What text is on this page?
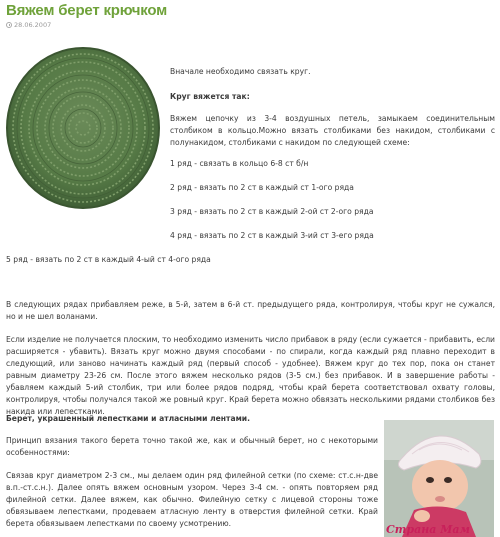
Вяжем берет крючком
28.06.2007

Вначале необходимо связать круг.

Круг вяжется так:

Вяжем цепочку из 3-4 воздушных петель, замыкаем соединительным столбиком в кольцо.Можно вязать столбиками без накидом, столбиками с полунакидом, столбиками с накидом по следующей схеме:

1 ряд - связать в кольцо 6-8 ст б/н

2 ряд - вязать по 2 ст в каждый ст 1-ого ряда

3 ряд - вязать по 2 ст в каждый 2-ой ст 2-ого ряда

4 ряд - вязать по 2 ст в каждый 3-ий ст 3-его ряда

5 ряд - вязать по 2 ст в каждый 4-ый ст 4-ого ряда

В следующих рядах прибавляем реже, в 5-й, затем в 6-й ст. предыдущего ряда, контролируя, чтобы круг не сужался, но и не шел воланами.

Если изделие не получается плоским, то необходимо изменить число прибавок в ряду (если сужается - прибавить, если расширяется - убавить). Вязать круг можно двумя способами - по спирали, когда каждый ряд плавно переходит в следующий, или заново начинать каждый ряд (первый способ - удобнее). Вяжем круг до тех пор, пока он станет равным диаметру 23-26 см. После этого вяжем несколько рядов (3-5 см.) без прибавок. И в завершение работы - убавляем каждый 5-ий столбик, три или более рядов подряд, чтобы край берета соответствовал охвату головы, контролируя, чтобы получался такой же ровный круг. Край берета можно обвязать несколькими рядами столбиков без накида или лепестками.

Берет, украшенный лепестками и атласными лентами.

Принцип вязания такого берета точно такой же, как и обычный берет, но с некоторыми особенностями:

Связав круг диаметром 2-3 см., мы делаем один ряд филейной сетки (по схеме: ст.с.н-две в.п.-ст.с.н.). Далее опять вяжем основным узором. Через 3-4 см. - опять повторяем ряд филейной сетки. Далее вяжем, как обычно. Филейную сетку с лицевой стороны тоже обвязываем лепестками, продеваем атласную ленту в отверстия филейной сетки. Край берета обвязываем лепестками по своему усмотрению.	Страна Мам
